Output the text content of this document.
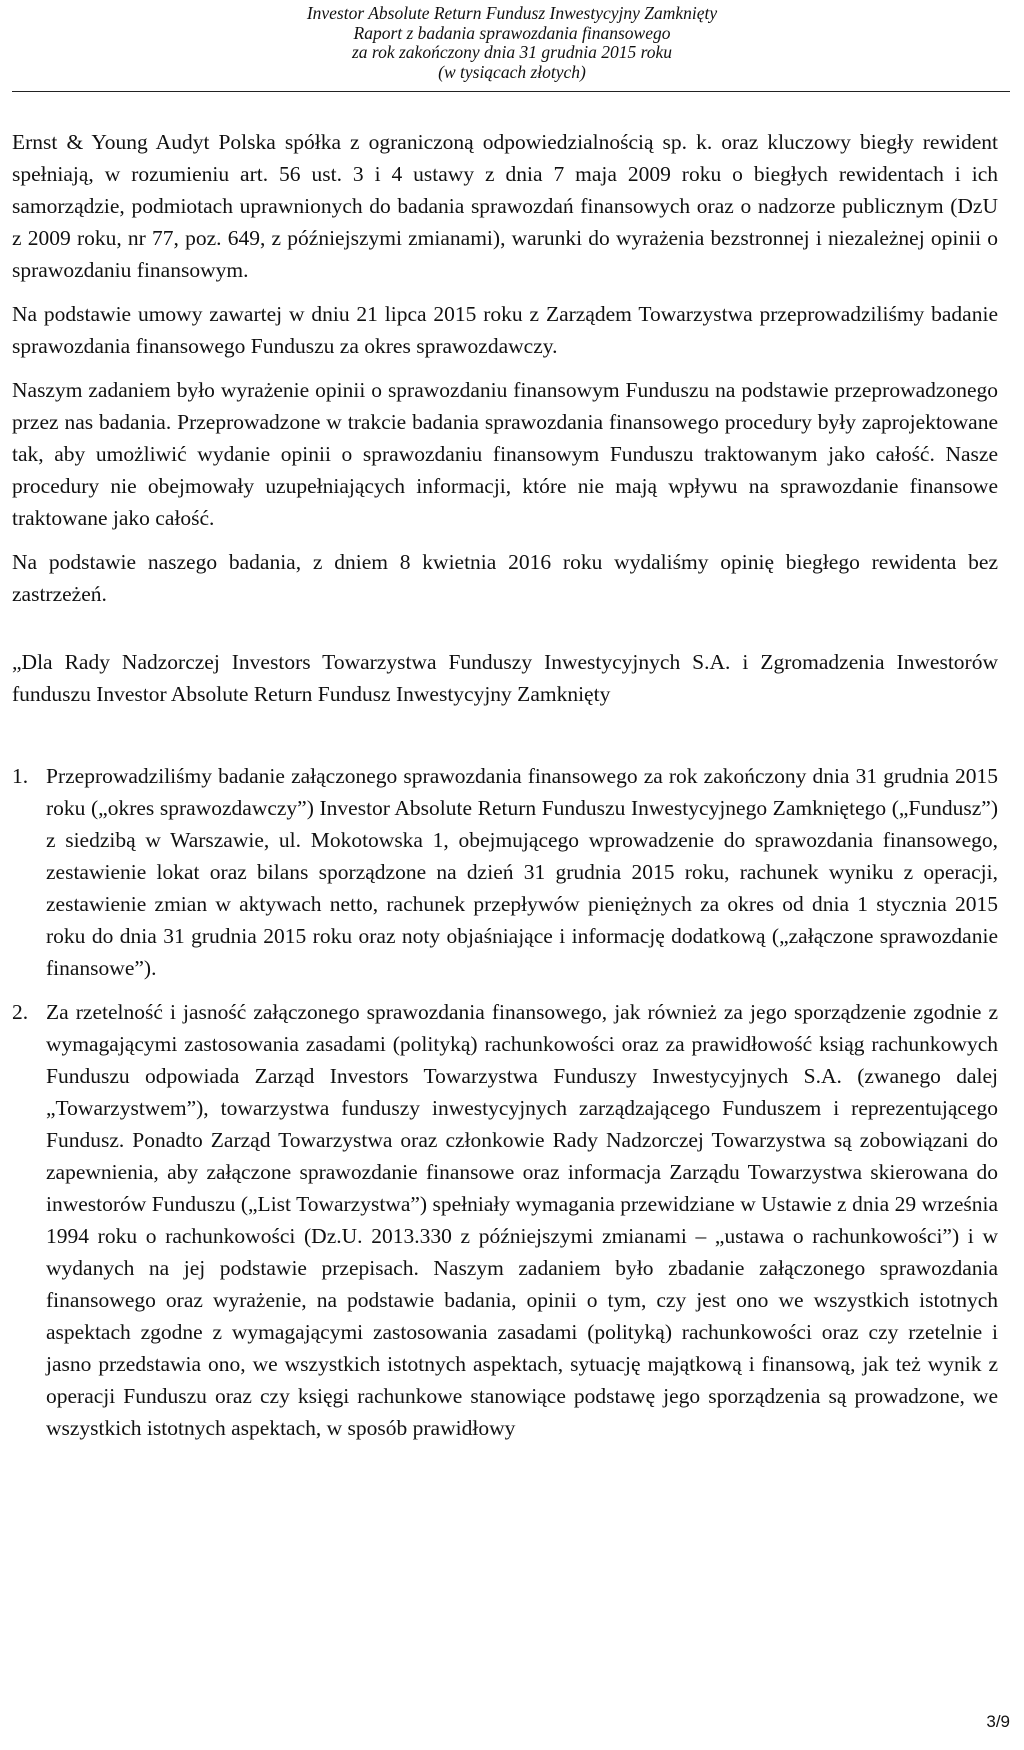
Investor Absolute Return Fundusz Inwestycyjny Zamknięty
Raport z badania sprawozdania finansowego
za rok zakończony dnia 31 grudnia 2015 roku
(w tysiącach złotych)

Ernst & Young Audyt Polska spółka z ograniczoną odpowiedzialnością sp. k. oraz kluczowy biegły rewident spełniają, w rozumieniu art. 56 ust. 3 i 4 ustawy z dnia 7 maja 2009 roku o biegłych rewidentach i ich samorządzie, podmiotach uprawnionych do badania sprawozdań finansowych oraz o nadzorze publicznym (DzU z 2009 roku, nr 77, poz. 649, z późniejszymi zmianami), warunki do wyrażenia bezstronnej i niezależnej opinii o sprawozdaniu finansowym.

Na podstawie umowy zawartej w dniu 21 lipca 2015 roku z Zarządem Towarzystwa przeprowadziliśmy badanie sprawozdania finansowego Funduszu za okres sprawozdawczy.

Naszym zadaniem było wyrażenie opinii o sprawozdaniu finansowym Funduszu na podstawie przeprowadzonego przez nas badania. Przeprowadzone w trakcie badania sprawozdania finansowego procedury były zaprojektowane tak, aby umożliwić wydanie opinii o sprawozdaniu finansowym Funduszu traktowanym jako całość. Nasze procedury nie obejmowały uzupełniających informacji, które nie mają wpływu na sprawozdanie finansowe traktowane jako całość.

Na podstawie naszego badania, z dniem 8 kwietnia 2016 roku wydaliśmy opinię biegłego rewidenta bez zastrzeżeń.

„Dla Rady Nadzorczej Investors Towarzystwa Funduszy Inwestycyjnych S.A. i Zgromadzenia Inwestorów funduszu Investor Absolute Return Fundusz Inwestycyjny Zamknięty

1. Przeprowadziliśmy badanie załączonego sprawozdania finansowego za rok zakończony dnia 31 grudnia 2015 roku („okres sprawozdawczy”) Investor Absolute Return Funduszu Inwestycyjnego Zamkniętego („Fundusz”) z siedzibą w Warszawie, ul. Mokotowska 1, obejmującego wprowadzenie do sprawozdania finansowego, zestawienie lokat oraz bilans sporządzone na dzień 31 grudnia 2015 roku, rachunek wyniku z operacji, zestawienie zmian w aktywach netto, rachunek przepływów pieniężnych za okres od dnia 1 stycznia 2015 roku do dnia 31 grudnia 2015 roku oraz noty objaśniające i informację dodatkową („załączone sprawozdanie finansowe”).
2. Za rzetelność i jasność załączonego sprawozdania finansowego, jak również za jego sporządzenie zgodnie z wymagającymi zastosowania zasadami (polityką) rachunkowości oraz za prawidłowość ksiąg rachunkowych Funduszu odpowiada Zarząd Investors Towarzystwa Funduszy Inwestycyjnych S.A. (zwanego dalej „Towarzystwem”), towarzystwa funduszy inwestycyjnych zarządzającego Funduszem i reprezentującego Fundusz. Ponadto Zarząd Towarzystwa oraz członkowie Rady Nadzorczej Towarzystwa są zobowiązani do zapewnienia, aby załączone sprawozdanie finansowe oraz informacja Zarządu Towarzystwa skierowana do inwestorów Funduszu („List Towarzystwa”) spełniały wymagania przewidziane w Ustawie z dnia 29 września 1994 roku o rachunkowości (Dz.U. 2013.330 z późniejszymi zmianami – „ustawa o rachunkowości”) i w wydanych na jej podstawie przepisach. Naszym zadaniem było zbadanie załączonego sprawozdania finansowego oraz wyrażenie, na podstawie badania, opinii o tym, czy jest ono we wszystkich istotnych aspektach zgodne z wymagającymi zastosowania zasadami (polityką) rachunkowości oraz czy rzetelnie i jasno przedstawia ono, we wszystkich istotnych aspektach, sytuację majątkową i finansową, jak też wynik z operacji Funduszu oraz czy księgi rachunkowe stanowiące podstawę jego sporządzenia są prowadzone, we wszystkich istotnych aspektach, w sposób prawidłowy
3/9
